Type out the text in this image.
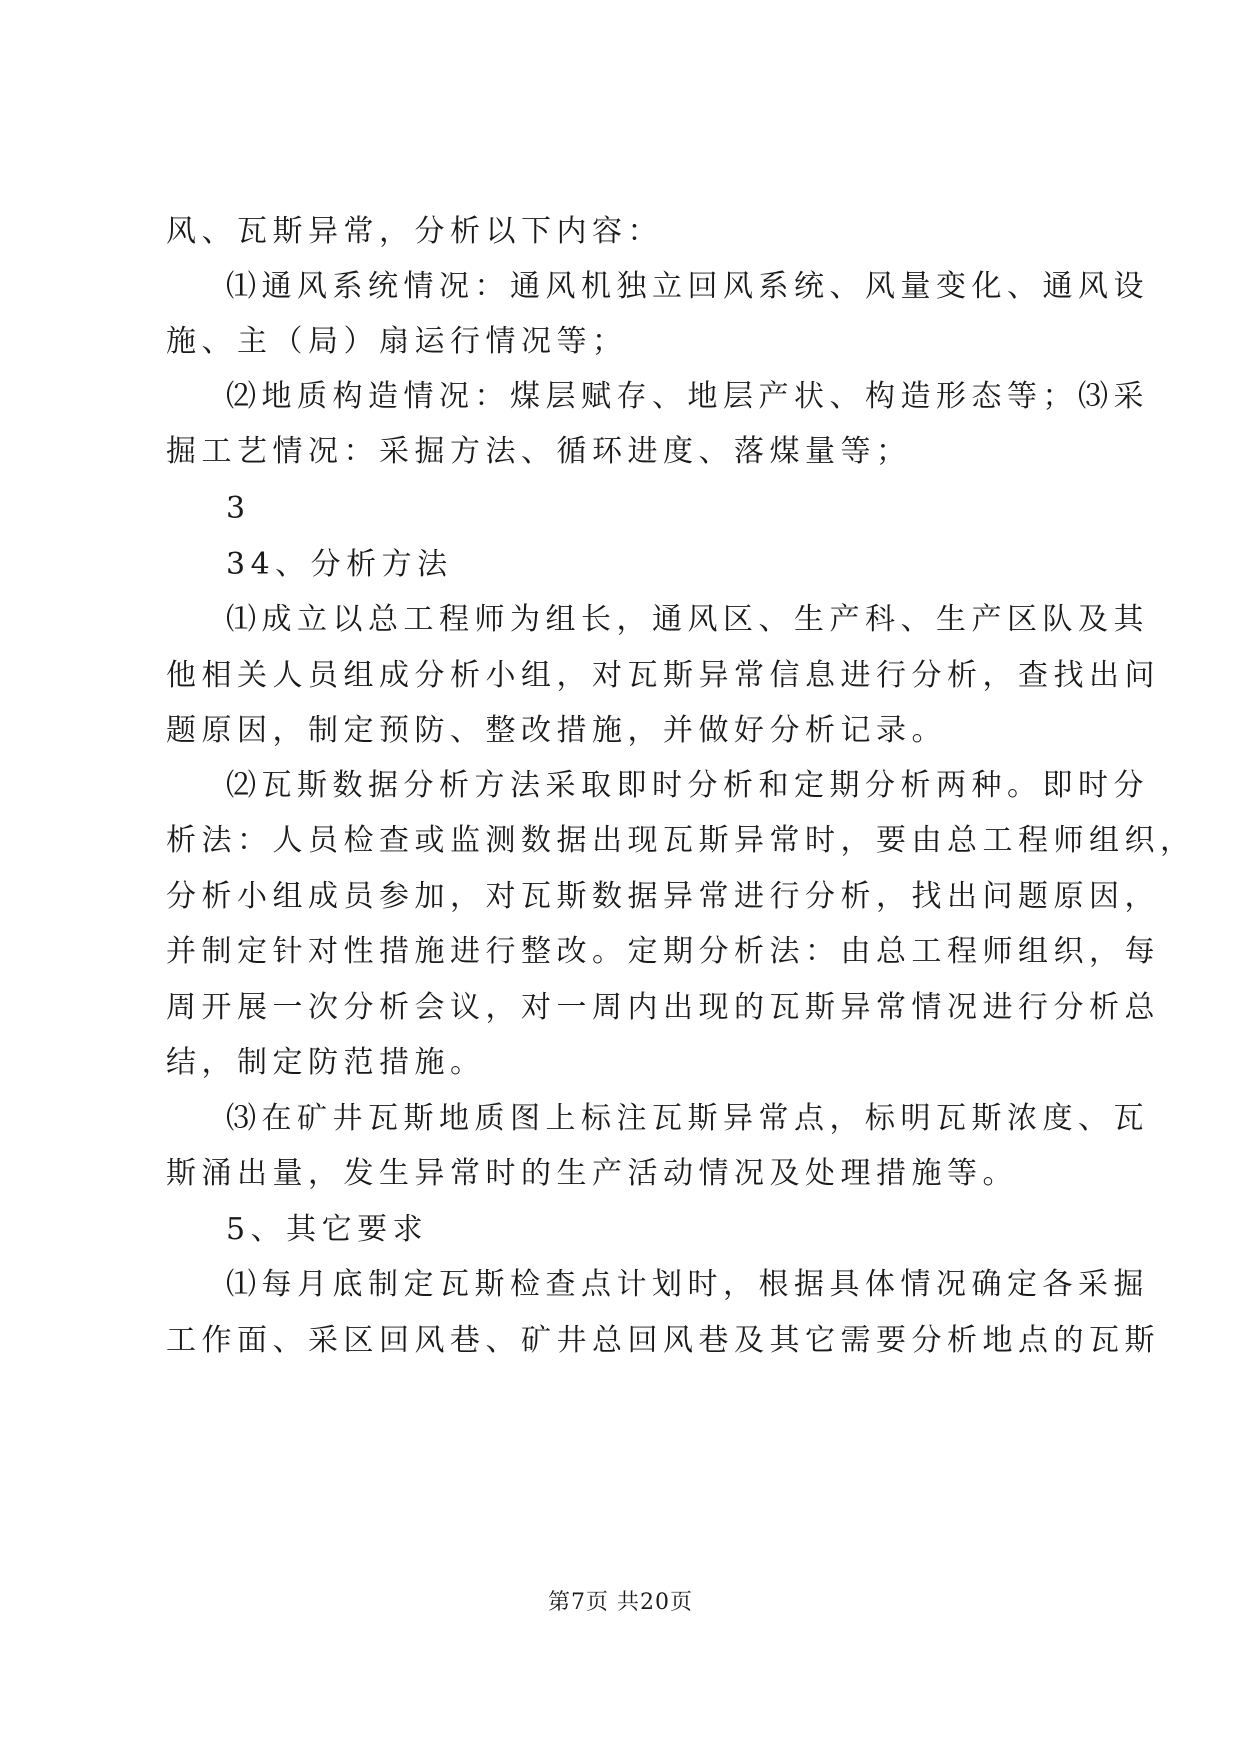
风、瓦斯异常，分析以下内容：
⑴通风系统情况：通风机独立回风系统、风量变化、通风设
施、主（局）扇运行情况等；
⑵地质构造情况：煤层赋存、地层产状、构造形态等；⑶采
掘工艺情况：采掘方法、循环进度、落煤量等；
3
34、分析方法
⑴成立以总工程师为组长，通风区、生产科、生产区队及其
他相关人员组成分析小组，对瓦斯异常信息进行分析，查找出问
题原因，制定预防、整改措施，并做好分析记录。
⑵瓦斯数据分析方法采取即时分析和定期分析两种。即时分
析法：人员检查或监测数据出现瓦斯异常时，要由总工程师组织，
分析小组成员参加，对瓦斯数据异常进行分析，找出问题原因，
并制定针对性措施进行整改。定期分析法：由总工程师组织，每
周开展一次分析会议，对一周内出现的瓦斯异常情况进行分析总
结，制定防范措施。
⑶在矿井瓦斯地质图上标注瓦斯异常点，标明瓦斯浓度、瓦
斯涌出量，发生异常时的生产活动情况及处理措施等。
5、其它要求
⑴每月底制定瓦斯检查点计划时，根据具体情况确定各采掘
工作面、采区回风巷、矿井总回风巷及其它需要分析地点的瓦斯
第7页 共20页
